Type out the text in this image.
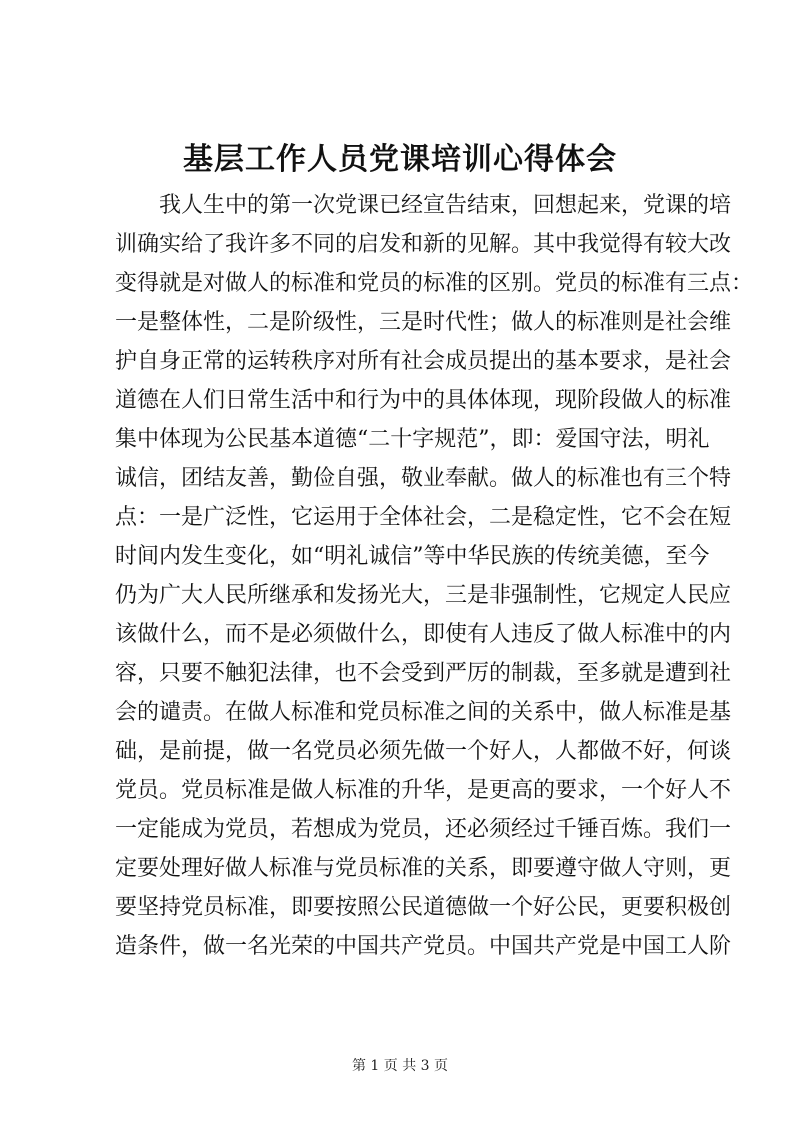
基层工作人员党课培训心得体会
　　我人生中的第一次党课已经宣告结束，回想起来，党课的培
训确实给了我许多不同的启发和新的见解。其中我觉得有较大改
变得就是对做人的标准和党员的标准的区别。党员的标准有三点：
一是整体性，二是阶级性，三是时代性；做人的标准则是社会维
护自身正常的运转秩序对所有社会成员提出的基本要求，是社会
道德在人们日常生活中和行为中的具体体现，现阶段做人的标准
集中体现为公民基本道德“二十字规范”，即：爱国守法，明礼
诚信，团结友善，勤俭自强，敬业奉献。做人的标准也有三个特
点：一是广泛性，它运用于全体社会，二是稳定性，它不会在短
时间内发生变化，如“明礼诚信”等中华民族的传统美德，至今
仍为广大人民所继承和发扬光大，三是非强制性，它规定人民应
该做什么，而不是必须做什么，即使有人违反了做人标准中的内
容，只要不触犯法律，也不会受到严厉的制裁，至多就是遭到社
会的谴责。在做人标准和党员标准之间的关系中，做人标准是基
础，是前提，做一名党员必须先做一个好人，人都做不好，何谈
党员。党员标准是做人标准的升华，是更高的要求，一个好人不
一定能成为党员，若想成为党员，还必须经过千锤百炼。我们一
定要处理好做人标准与党员标准的关系，即要遵守做人守则，更
要坚持党员标准，即要按照公民道德做一个好公民，更要积极创
造条件，做一名光荣的中国共产党员。中国共产党是中国工人阶
第 1 页 共 3 页
